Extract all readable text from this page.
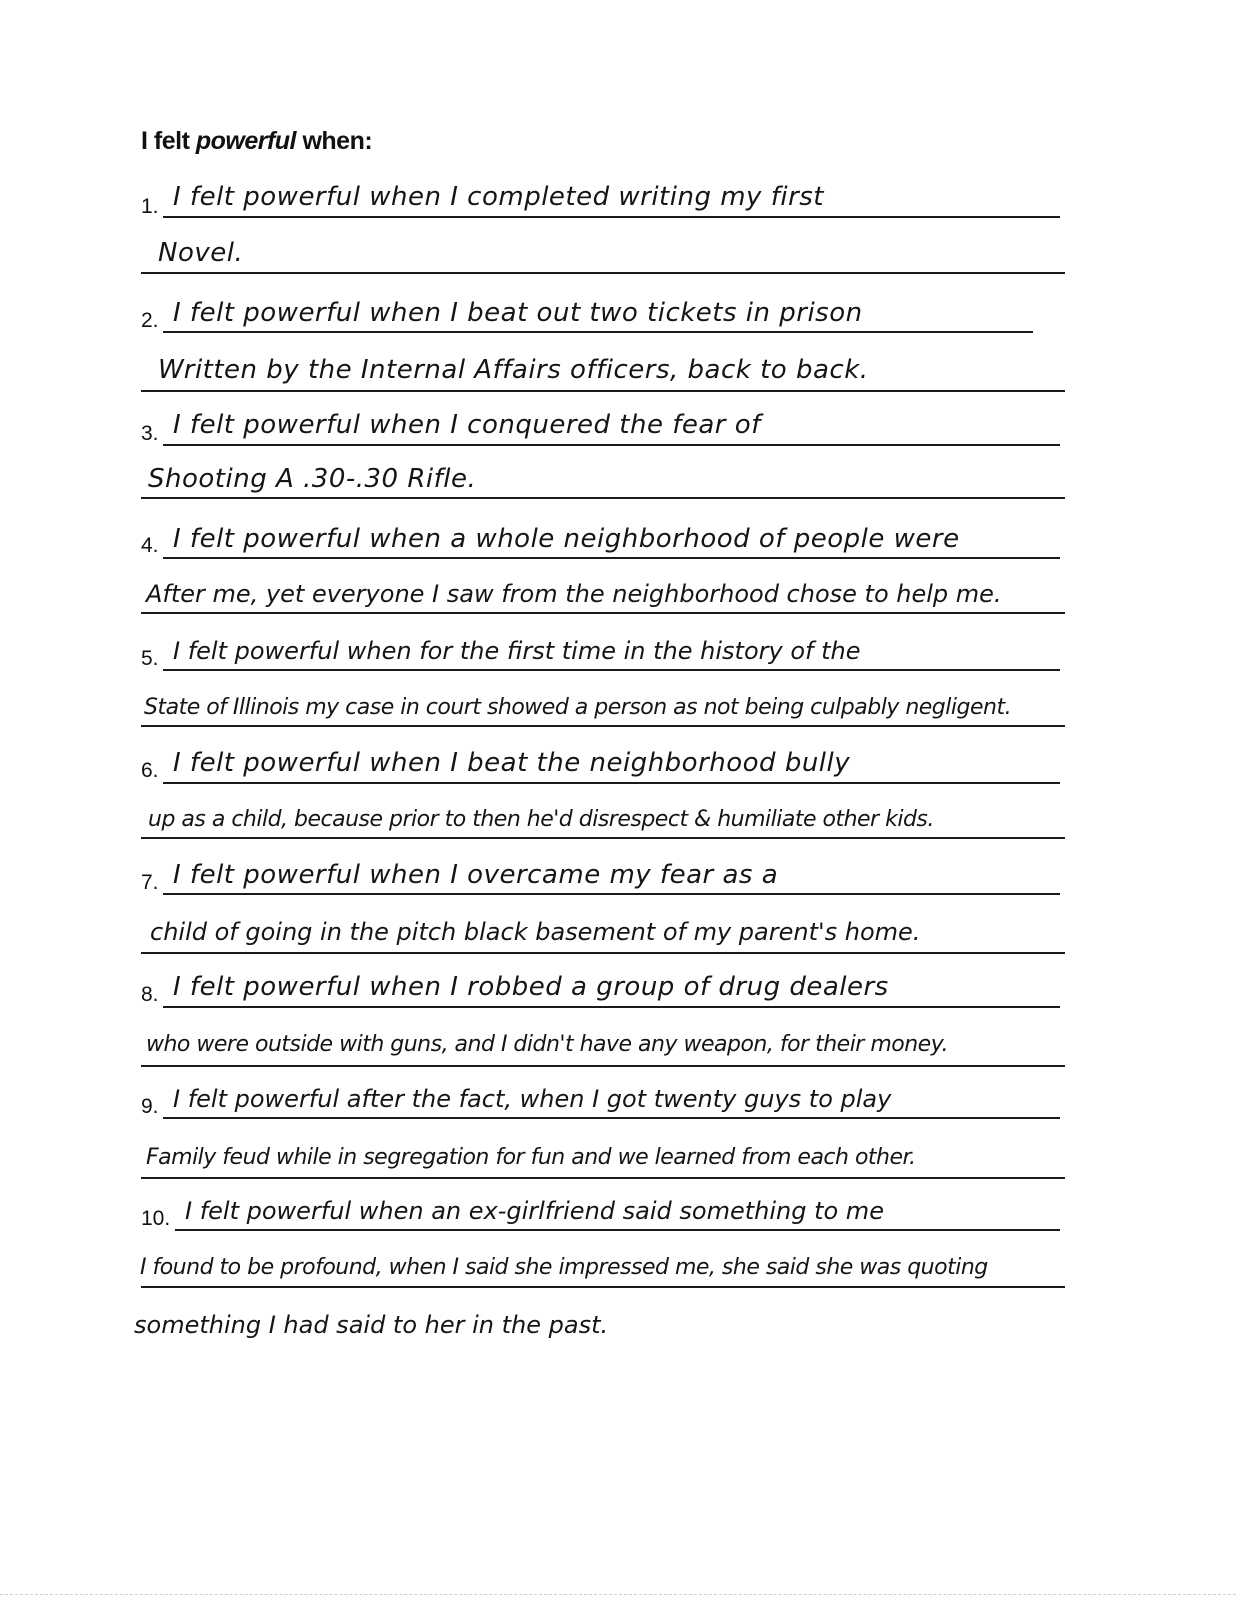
I felt powerful when:
1. I felt powerful when I completed writing my first
Novel.
2. I felt powerful when I beat out two tickets in prison
Written by the Internal Affairs officers, back to back.
3. I felt powerful when I conquered the fear of
Shooting A .30-.30 Rifle.
4. I felt powerful when a whole neighborhood of people were
After me, yet everyone I saw from the neighborhood chose to help me.
5. I felt powerful when for the first time in the history of the
State of Illinois my case in court showed a person as not being culpably negligent.
6. I felt powerful when I beat the neighborhood bully
up as a child, because prior to then he'd disrespect & humiliate other kids.
7. I felt powerful when I overcame my fear as a
child of going in the pitch black basement of my parent's home.
8. I felt powerful when I robbed a group of drug dealers
who were outside with guns, and I didn't have any weapon, for their money.
9. I felt powerful after the fact, when I got twenty guys to play
Family feud while in segregation for fun and we learned from each other.
10. I felt powerful when an ex-girlfriend said something to me
I found to be profound, when I said she impressed me, she said she was quoting
something I had said to her in the past.
